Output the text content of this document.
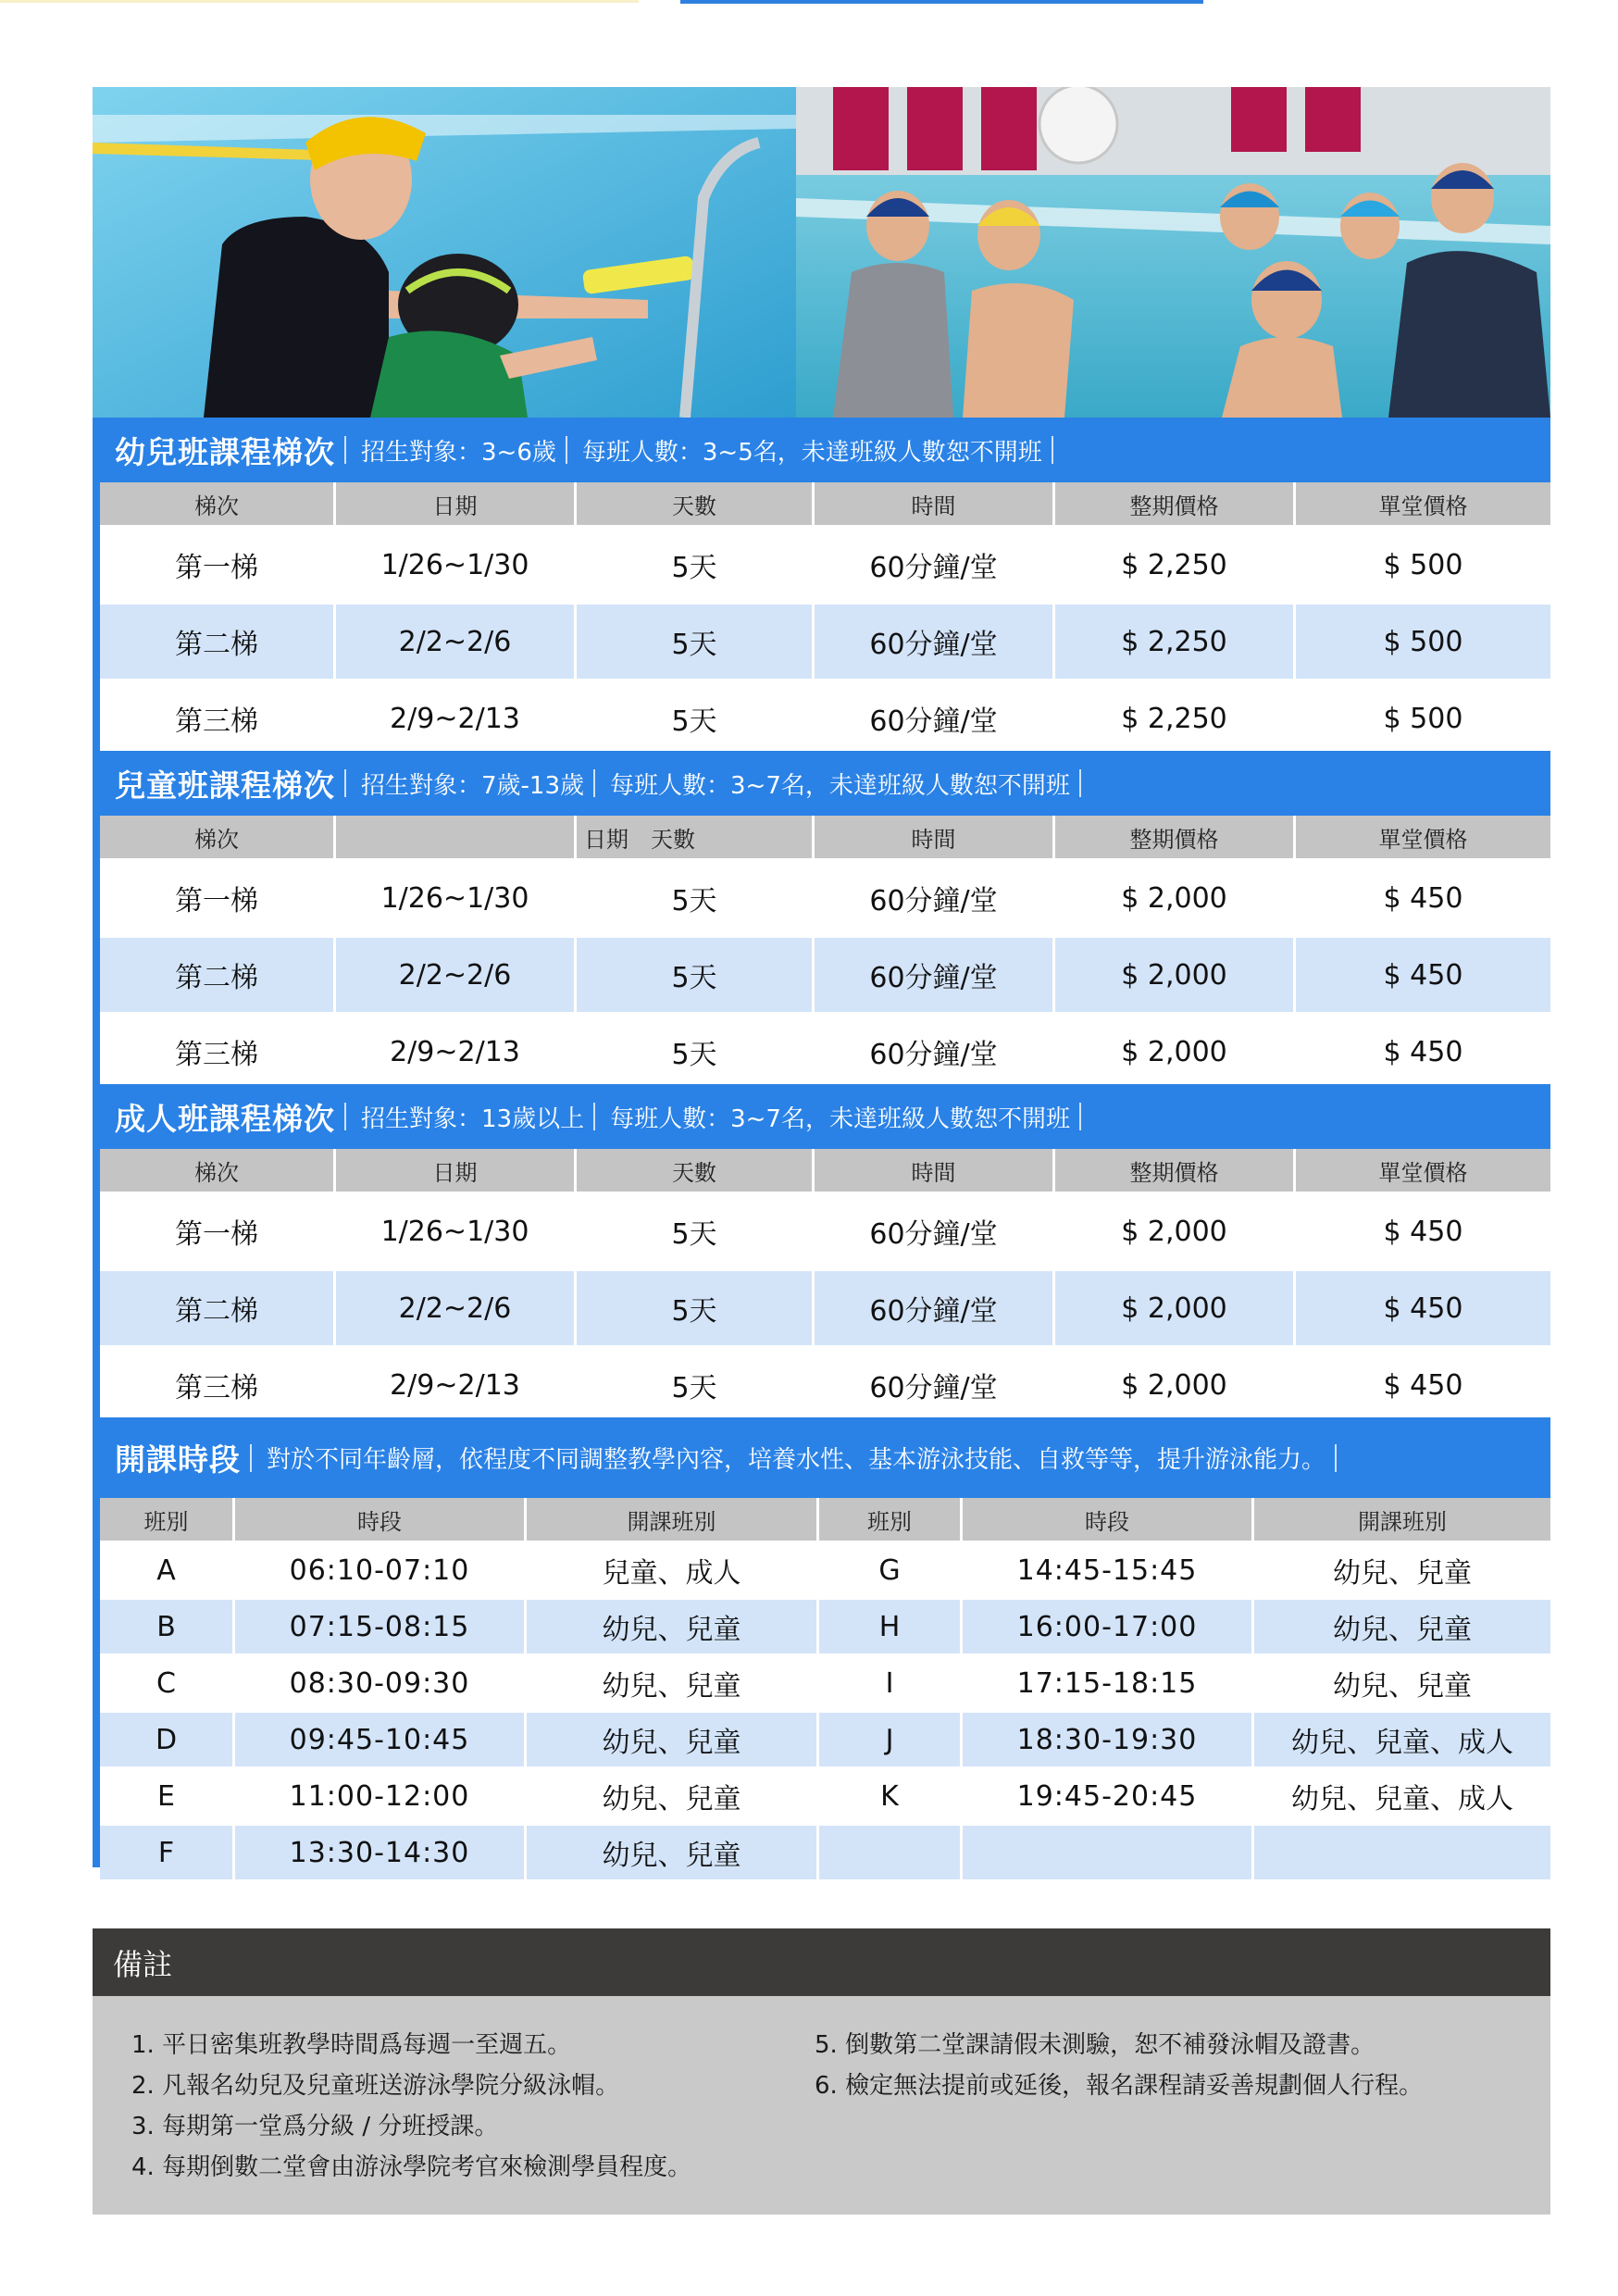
幼兒班課程梯次 招生對象：3~6歲 每班人數：3~5名，未達班級人數恕不開班
梯次	日期	天數	時間	整期價格	單堂價格
第一梯	1/26~1/30	5天	60分鐘/堂	$ 2,250	$ 500
第二梯	2/2~2/6	5天	60分鐘/堂	$ 2,250	$ 500
第三梯	2/9~2/13	5天	60分鐘/堂	$ 2,250	$ 500
兒童班課程梯次 招生對象：7歲-13歲 每班人數：3~7名，未達班級人數恕不開班
梯次		日期　天數	時間	整期價格	單堂價格
第一梯	1/26~1/30	5天	60分鐘/堂	$ 2,000	$ 450
第二梯	2/2~2/6	5天	60分鐘/堂	$ 2,000	$ 450
第三梯	2/9~2/13	5天	60分鐘/堂	$ 2,000	$ 450
成人班課程梯次 招生對象：13歲以上 每班人數：3~7名，未達班級人數恕不開班
梯次	日期	天數	時間	整期價格	單堂價格
第一梯	1/26~1/30	5天	60分鐘/堂	$ 2,000	$ 450
第二梯	2/2~2/6	5天	60分鐘/堂	$ 2,000	$ 450
第三梯	2/9~2/13	5天	60分鐘/堂	$ 2,000	$ 450
開課時段 對於不同年齡層，依程度不同調整教學內容，培養水性、基本游泳技能、自救等等，提升游泳能力。
班別	時段	開課班別	班別	時段	開課班別
A	06:10-07:10	兒童、成人	G	14:45-15:45	幼兒、兒童
B	07:15-08:15	幼兒、兒童	H	16:00-17:00	幼兒、兒童
C	08:30-09:30	幼兒、兒童	I	17:15-18:15	幼兒、兒童
D	09:45-10:45	幼兒、兒童	J	18:30-19:30	幼兒、兒童、成人
E	11:00-12:00	幼兒、兒童	K	19:45-20:45	幼兒、兒童、成人
F	13:30-14:30	幼兒、兒童			
備註
1. 平日密集班教學時間爲每週一至週五。
2. 凡報名幼兒及兒童班送游泳學院分級泳帽。
3. 每期第一堂爲分級 / 分班授課。
4. 每期倒數二堂會由游泳學院考官來檢測學員程度。
5. 倒數第二堂課請假未測驗，恕不補發泳帽及證書。
6. 檢定無法提前或延後，報名課程請妥善規劃個人行程。
